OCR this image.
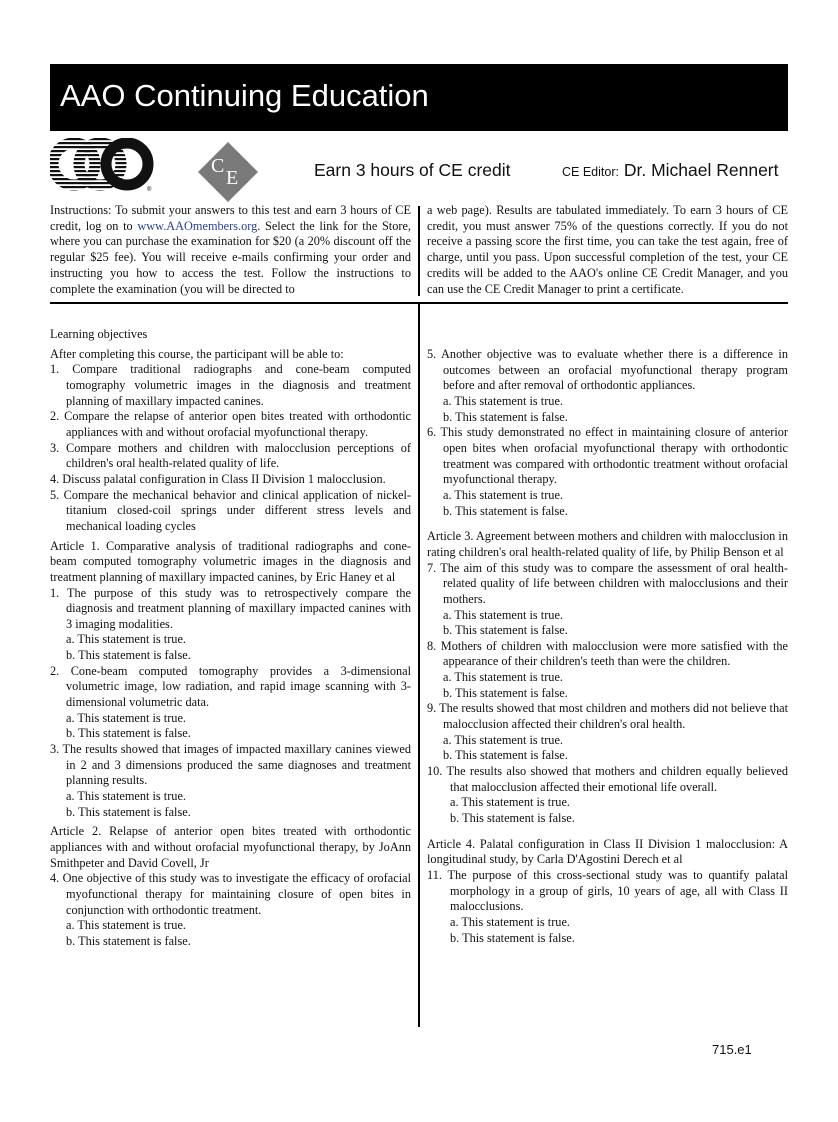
AAO Continuing Education
®
C
E	Earn 3 hours of CE credit	CE Editor: Dr. Michael Rennert
Instructions: To submit your answers to this test and earn 3 hours of CE credit, log on to www.AAOmembers.org. Select the link for the Store, where you can purchase the examination for $20 (a 20% discount off the regular $25 fee). You will receive e-mails confirming your order and instructing you how to access the test. Follow the instructions to complete the examination (you will be directed to
a web page). Results are tabulated immediately. To earn 3 hours of CE credit, you must answer 75% of the questions correctly. If you do not receive a passing score the first time, you can take the test again, free of charge, until you pass. Upon successful completion of the test, your CE credits will be added to the AAO's online CE Credit Manager, and you can use the CE Credit Manager to print a certificate.

Learning objectives

After completing this course, the participant will be able to:

1. Compare traditional radiographs and cone-beam computed tomography volumetric images in the diagnosis and treatment planning of maxillary impacted canines.

2. Compare the relapse of anterior open bites treated with orthodontic appliances with and without orofacial myofunctional therapy.

3. Compare mothers and children with malocclusion perceptions of children's oral health-related quality of life.

4. Discuss palatal configuration in Class II Division 1 malocclusion.

5. Compare the mechanical behavior and clinical application of nickel-titanium closed-coil springs under different stress levels and mechanical loading cycles

Article 1. Comparative analysis of traditional radiographs and cone-beam computed tomography volumetric images in the diagnosis and treatment planning of maxillary impacted canines, by Eric Haney et al

1. The purpose of this study was to retrospectively compare the diagnosis and treatment planning of maxillary impacted canines with 3 imaging modalities.

a. This statement is true.

b. This statement is false.

2. Cone-beam computed tomography provides a 3-dimensional volumetric image, low radiation, and rapid image scanning with 3-dimensional volumetric data.

a. This statement is true.

b. This statement is false.

3. The results showed that images of impacted maxillary canines viewed in 2 and 3 dimensions produced the same diagnoses and treatment planning results.

a. This statement is true.

b. This statement is false.

Article 2. Relapse of anterior open bites treated with orthodontic appliances with and without orofacial myofunctional therapy, by JoAnn Smithpeter and David Covell, Jr

4. One objective of this study was to investigate the efficacy of orofacial myofunctional therapy for maintaining closure of open bites in conjunction with orthodontic treatment.

a. This statement is true.

b. This statement is false.

5. Another objective was to evaluate whether there is a difference in outcomes between an orofacial myofunctional therapy program before and after removal of orthodontic appliances.

a. This statement is true.

b. This statement is false.

6. This study demonstrated no effect in maintaining closure of anterior open bites when orofacial myofunctional therapy with orthodontic treatment was compared with orthodontic treatment without orofacial myofunctional therapy.

a. This statement is true.

b. This statement is false.

Article 3. Agreement between mothers and children with malocclusion in rating children's oral health-related quality of life, by Philip Benson et al

7. The aim of this study was to compare the assessment of oral health-related quality of life between children with malocclusions and their mothers.

a. This statement is true.

b. This statement is false.

8. Mothers of children with malocclusion were more satisfied with the appearance of their children's teeth than were the children.

a. This statement is true.

b. This statement is false.

9. The results showed that most children and mothers did not believe that malocclusion affected their children's oral health.

a. This statement is true.

b. This statement is false.

10. The results also showed that mothers and children equally believed that malocclusion affected their emotional life overall.

a. This statement is true.

b. This statement is false.

Article 4. Palatal configuration in Class II Division 1 malocclusion: A longitudinal study, by Carla D'Agostini Derech et al

11. The purpose of this cross-sectional study was to quantify palatal morphology in a group of girls, 10 years of age, all with Class II malocclusions.

a. This statement is true.

b. This statement is false.

715.e1
